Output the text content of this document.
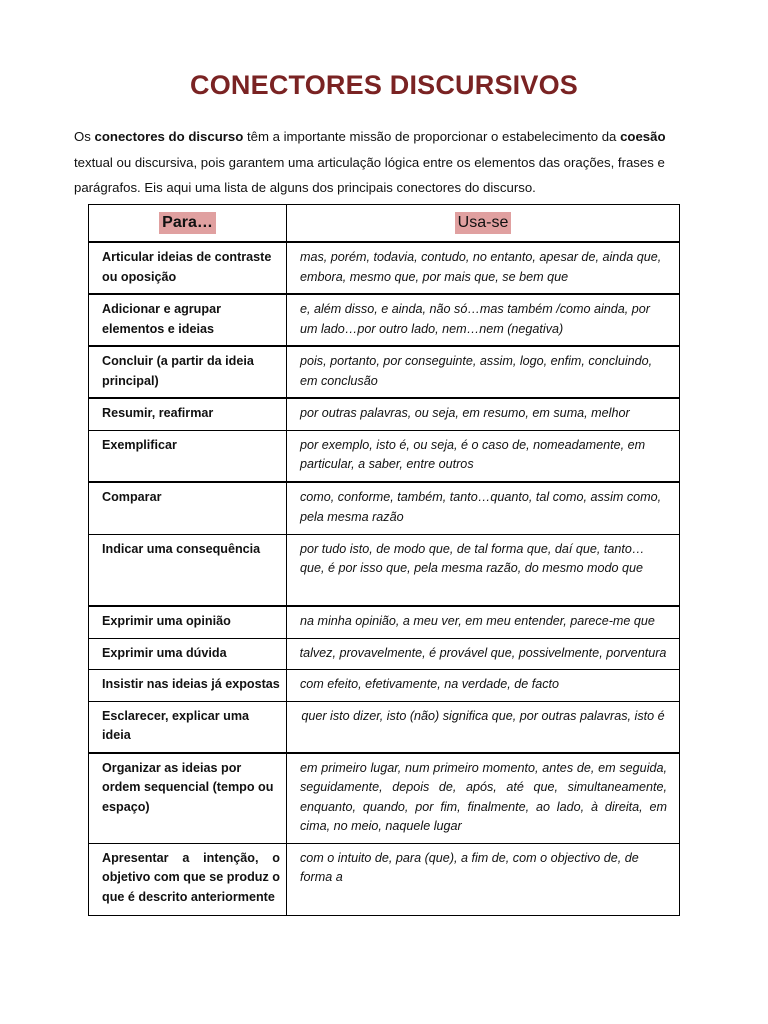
CONECTORES DISCURSIVOS
Os conectores do discurso têm a importante missão de proporcionar o estabelecimento da coesão textual ou discursiva, pois garantem uma articulação lógica entre os elementos das orações, frases e parágrafos. Eis aqui uma lista de alguns dos principais conectores do discurso.
Para…	Usa-se
Articular ideias de contraste ou oposição	mas, porém, todavia, contudo, no entanto, apesar de, ainda que, embora, mesmo que, por mais que, se bem que
Adicionar e agrupar elementos e ideias	e, além disso, e ainda, não só…mas também /como ainda, por um lado…por outro lado, nem…nem (negativa)
Concluir (a partir da ideia principal)	pois, portanto, por conseguinte, assim, logo, enfim, concluindo, em conclusão
Resumir, reafirmar	por outras palavras, ou seja, em resumo, em suma, melhor
Exemplificar	por exemplo, isto é, ou seja, é o caso de, nomeadamente, em particular, a saber, entre outros
Comparar	como, conforme, também, tanto…quanto, tal como, assim como, pela mesma razão
Indicar uma consequência	por tudo isto, de modo que, de tal forma que, daí que, tanto…que, é por isso que, pela mesma razão, do mesmo modo que
Exprimir uma opinião	na minha opinião, a meu ver, em meu entender, parece-me que
Exprimir uma dúvida	talvez, provavelmente, é provável que, possivelmente, porventura
Insistir nas ideias já expostas	com efeito, efetivamente, na verdade, de facto
Esclarecer, explicar uma ideia	quer isto dizer, isto (não) significa que, por outras palavras, isto é
Organizar as ideias por ordem sequencial (tempo ou espaço)	em primeiro lugar, num primeiro momento, antes de, em seguida, seguidamente, depois de, após, até que, simultaneamente, enquanto, quando, por fim, finalmente, ao lado, à direita, em cima, no meio, naquele lugar
Apresentar a intenção, o objetivo com que se produz o que é descrito anteriormente	com o intuito de, para (que), a fim de, com o objectivo de, de forma a
